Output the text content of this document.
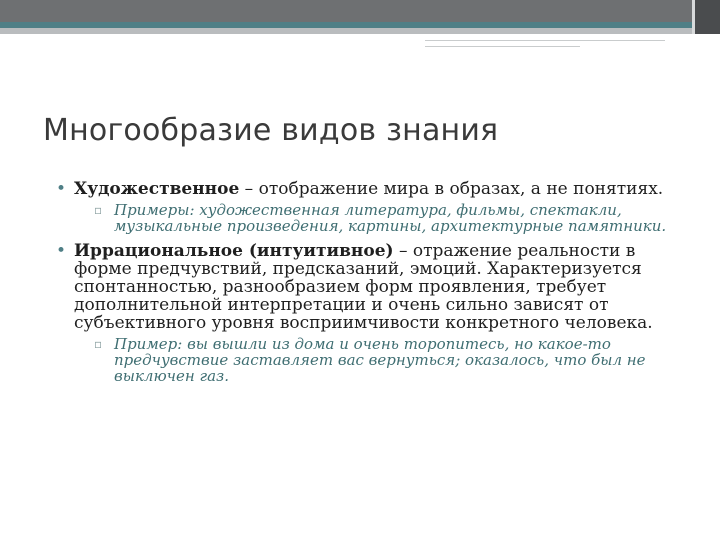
Многообразие видов знания
• Художественное – отображение мира в образах, а не понятиях.
▫ Примеры: художественная литература, фильмы, спектакли, музыкальные произведения, картины, архитектурные памятники.
• Иррациональное (интуитивное) – отражение реальности в форме предчувствий, предсказаний, эмоций. Характеризуется спонтанностью, разнообразием форм проявления, требует дополнительной интерпретации и очень сильно зависят от субъективного уровня восприимчивости конкретного человека.
▫ Пример: вы вышли из дома и очень торопитесь, но какое-то предчувствие заставляет вас вернуться; оказалось, что был не выключен газ.
